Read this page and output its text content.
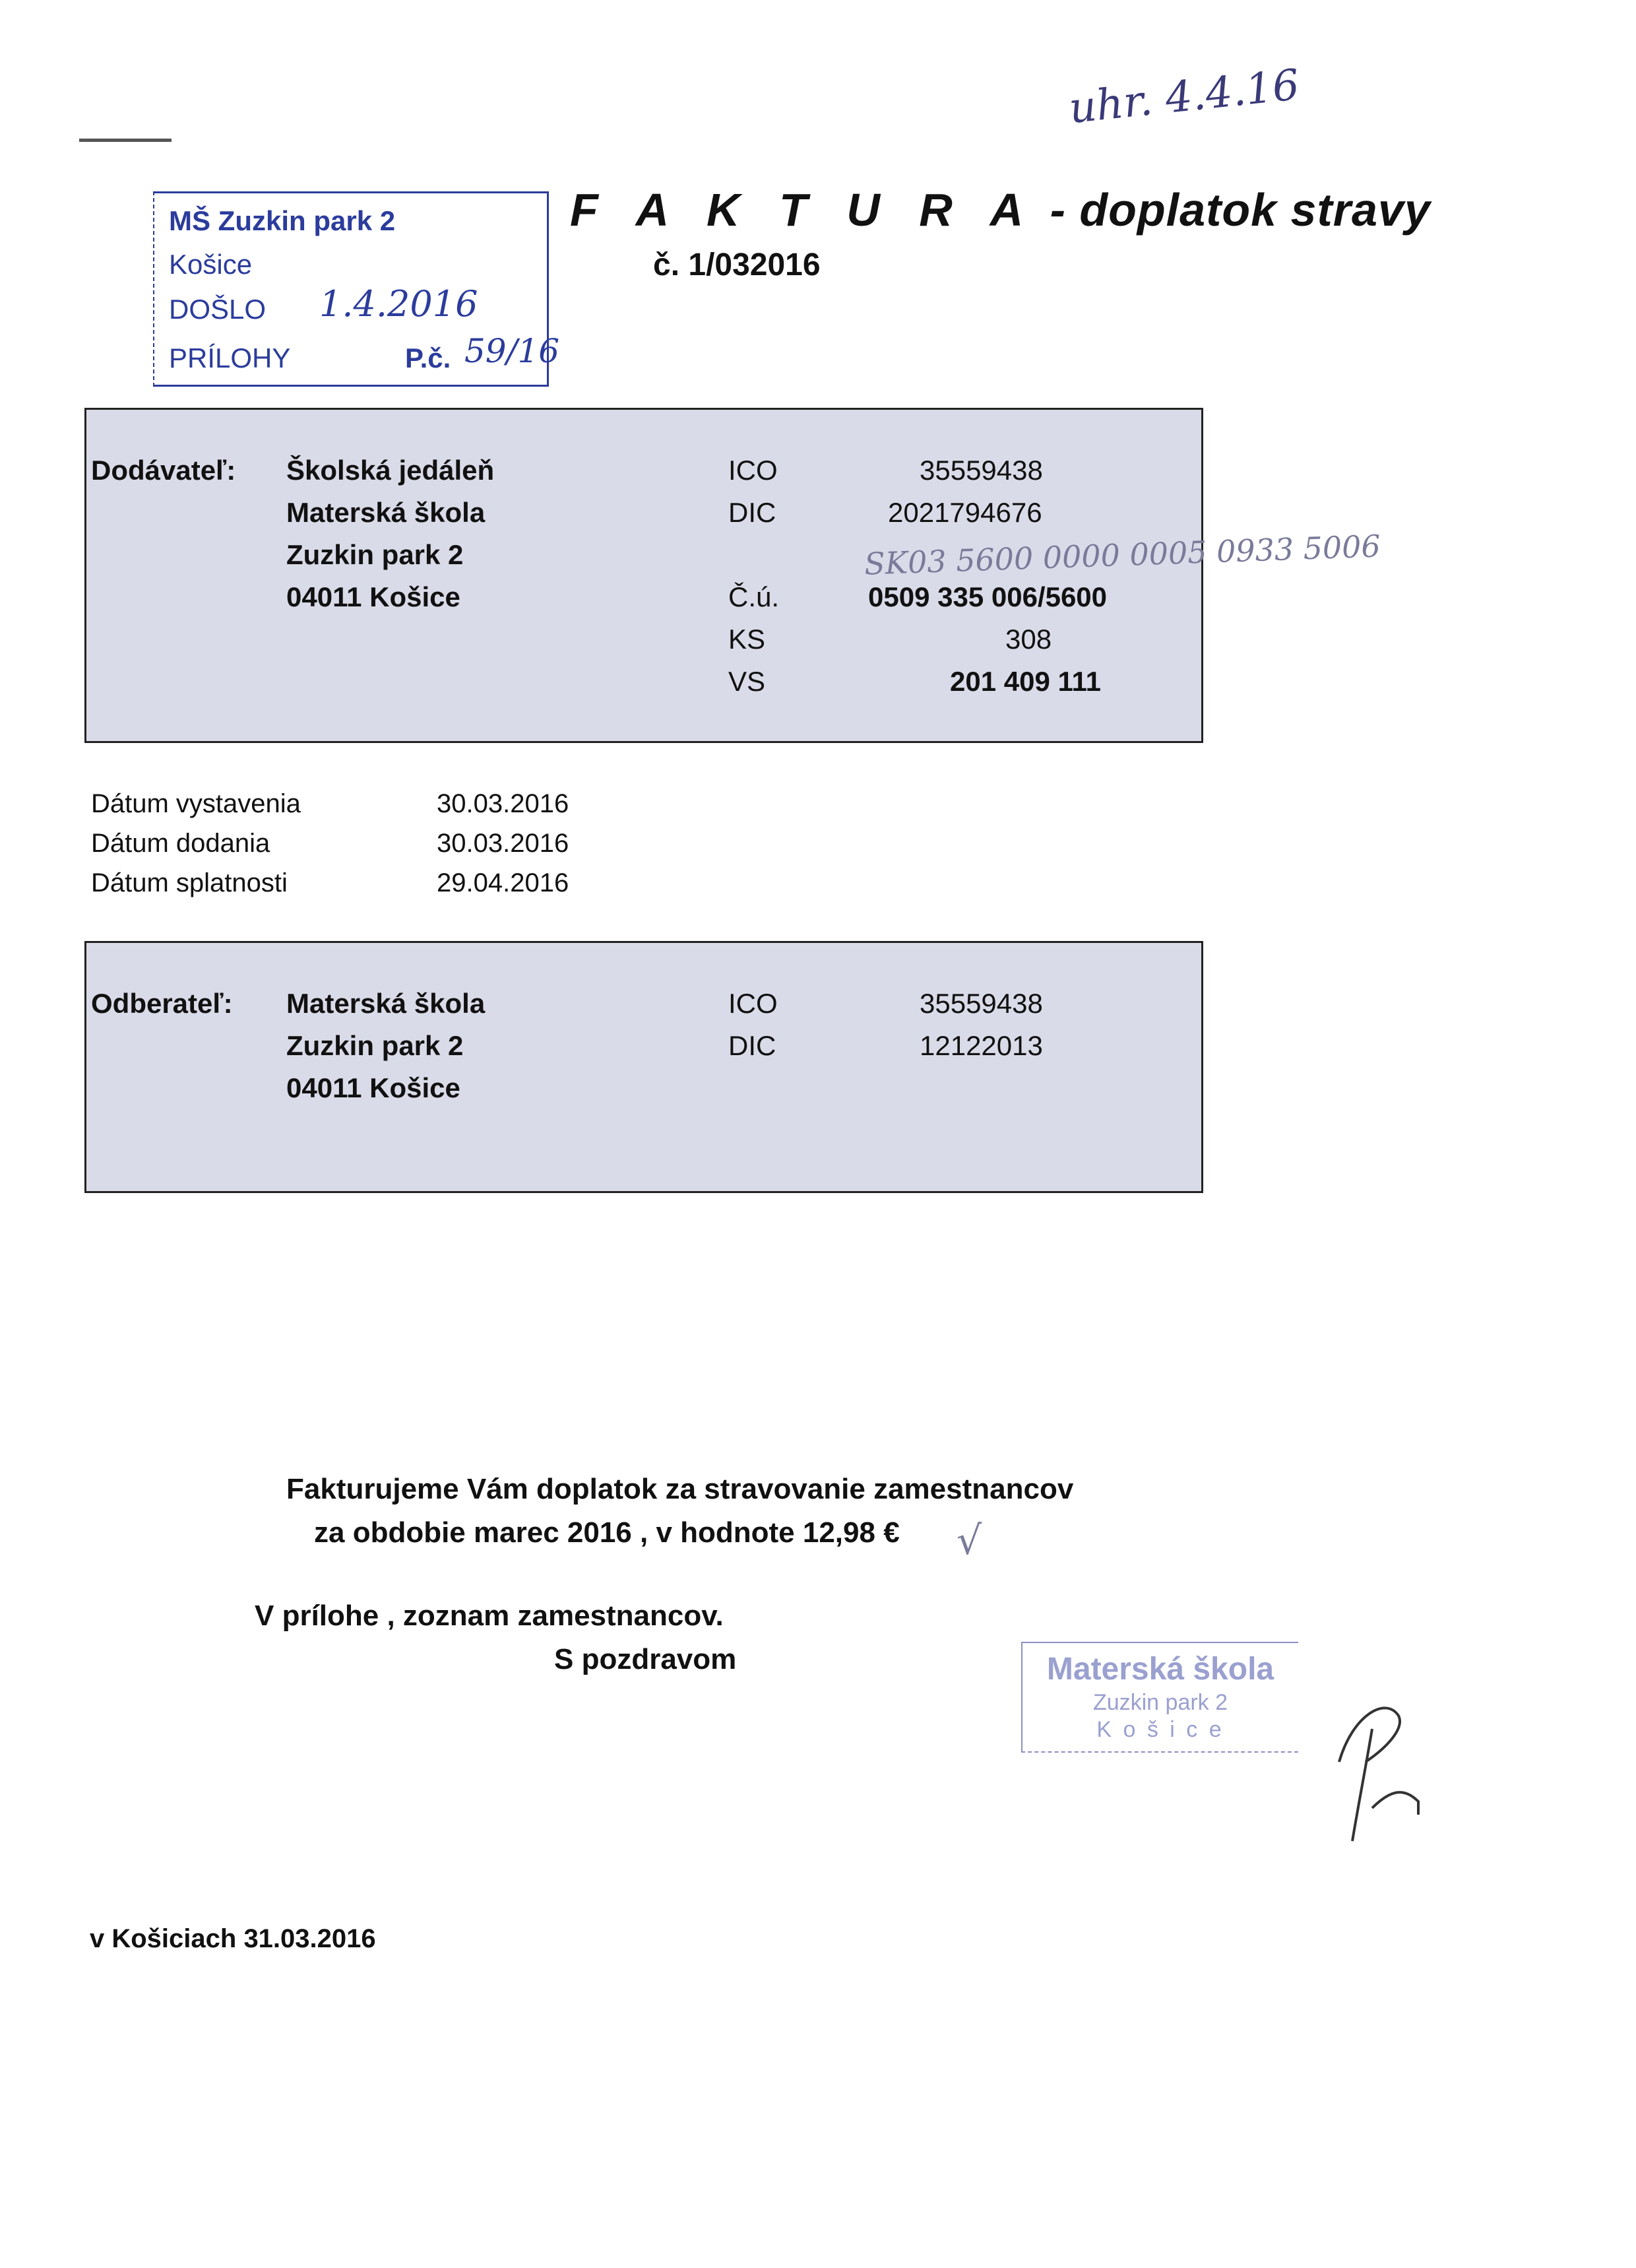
uhr. 4.4.16
MŠ Zuzkin park 2
Košice
DOŠLO 1.4.2016
PRÍLOHY	P.č. 59/16
F A K T U R A - doplatok stravy
č. 1/032016
Dodávateľ: Školská jedáleň
Materská škola
Zuzkin park 2
04011 Košice
ICO	35559438
DIC	2021794676
SK03 5600 0000 0005 0933 5006
Č.ú.	0509 335 006/5600
KS	308
VS	201 409 111
Dátum vystavenia	30.03.2016
Dátum dodania	30.03.2016
Dátum splatnosti	29.04.2016
Odberateľ: Materská škola
Zuzkin park 2
04011 Košice
ICO	35559438
DIC	12122013
Fakturujeme Vám doplatok za stravovanie zamestnancov
za obdobie marec 2016 , v hodnote 12,98 € √
V prílohe , zoznam zamestnancov.
S pozdravom	Materská škola
Zuzkin park 2
K o š i c e
v Košiciach 31.03.2016
